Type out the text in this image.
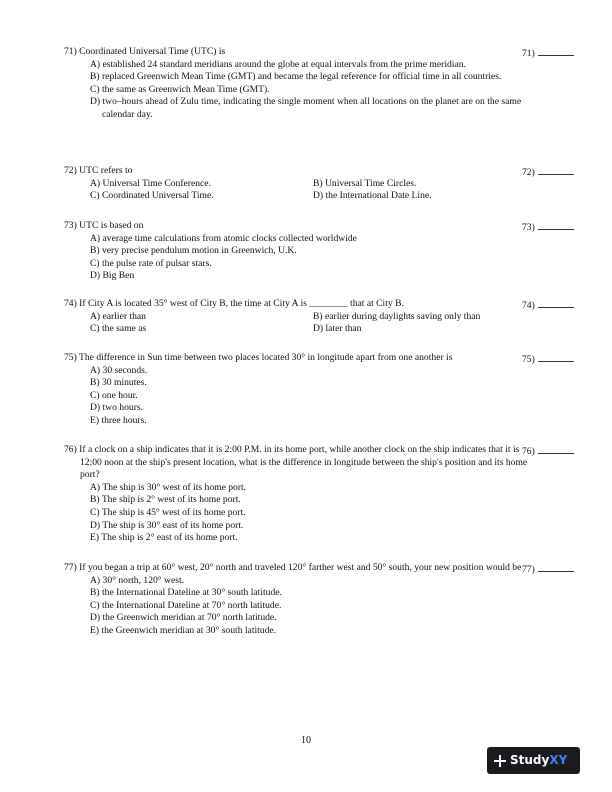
71) Coordinated Universal Time (UTC) is	71)
A) established 24 standard meridians around the globe at equal intervals from the prime meridian.
B) replaced Greenwich Mean Time (GMT) and became the legal reference for official time in all countries.
C) the same as Greenwich Mean Time (GMT).
D) two–hours ahead of Zulu time, indicating the single moment when all locations on the planet are on the same calendar day.
72) UTC refers to	72)
A) Universal Time Conference.	B) Universal Time Circles.
C) Coordinated Universal Time.	D) the International Date Line.
73) UTC is based on	73)
A) average time calculations from atomic clocks collected worldwide
B) very precise pendulum motion in Greenwich, U.K.
C) the pulse rate of pulsar stars.
D) Big Ben
74) If City A is located 35° west of City B, the time at City A is ________ that at City B.	74)
A) earlier than	B) earlier during daylights saving only than
C) the same as	D) later than
75) The difference in Sun time between two places located 30° in longitude apart from one another is	75)
A) 30 seconds.
B) 30 minutes.
C) one hour.
D) two hours.
E) three hours.
76) If a clock on a ship indicates that it is 2:00 P.M. in its home port, while another clock on the ship indicates that it is 12:00 noon at the ship's present location, what is the difference in longitude between the ship's position and its home port?
76)
A) The ship is 30° west of its home port.
B) The ship is 2° west of its home port.
C) The ship is 45° west of its home port.
D) The ship is 30° east of its home port.
E) The ship is 2° east of its home port.
77) If you began a trip at 60° west, 20° north and traveled 120° farther west and 50° south, your new position would be 77)
A) 30° north, 120° west.
B) the International Dateline at 30° south latitude.
C) the International Dateline at 70° north latitude.
D) the Greenwich meridian at 70° north latitude.
E) the Greenwich meridian at 30° south latitude.
10
Study XY
